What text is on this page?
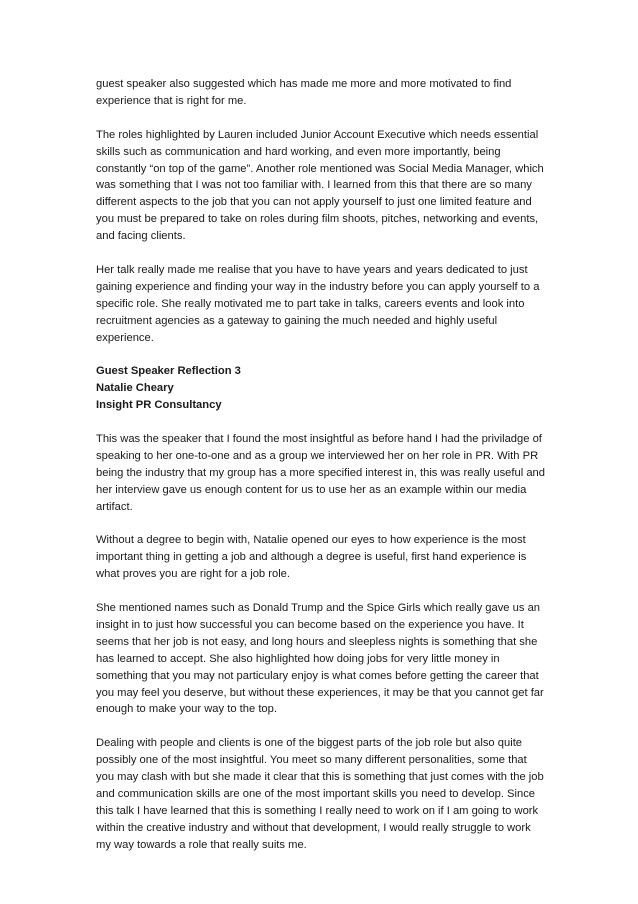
guest speaker also suggested which has made me more and more motivated to find experience that is right for me.

The roles highlighted by Lauren included Junior Account Executive which needs essential skills such as communication and hard working, and even more importantly, being constantly “on top of the game”. Another role mentioned was Social Media Manager, which was something that I was not too familiar with. I learned from this that there are so many different aspects to the job that you can not apply yourself to just one limited feature and you must be prepared to take on roles during film shoots, pitches, networking and events, and facing clients.

Her talk really made me realise that you have to have years and years dedicated to just gaining experience and finding your way in the industry before you can apply yourself to a specific role. She really motivated me to part take in talks, careers events and look into recruitment agencies as a gateway to gaining the much needed and highly useful experience.

Guest Speaker Reflection 3
Natalie Cheary
Insight PR Consultancy

This was the speaker that I found the most insightful as before hand I had the priviladge of speaking to her one-to-one and as a group we interviewed her on her role in PR. With PR being the industry that my group has a more specified interest in, this was really useful and her interview gave us enough content for us to use her as an example within our media artifact.

Without a degree to begin with, Natalie opened our eyes to how experience is the most important thing in getting a job and although a degree is useful, first hand experience is what proves you are right for a job role.

She mentioned names such as Donald Trump and the Spice Girls which really gave us an insight in to just how successful you can become based on the experience you have. It seems that her job is not easy, and long hours and sleepless nights is something that she has learned to accept. She also highlighted how doing jobs for very little money in something that you may not particulary enjoy is what comes before getting the career that you may feel you deserve, but without these experiences, it may be that you cannot get far enough to make your way to the top.

Dealing with people and clients is one of the biggest parts of the job role but also quite possibly one of the most insightful. You meet so many different personalities, some that you may clash with but she made it clear that this is something that just comes with the job and communication skills are one of the most important skills you need to develop. Since this talk I have learned that this is something I really need to work on if I am going to work within the creative industry and without that development, I would really struggle to work my way towards a role that really suits me.
